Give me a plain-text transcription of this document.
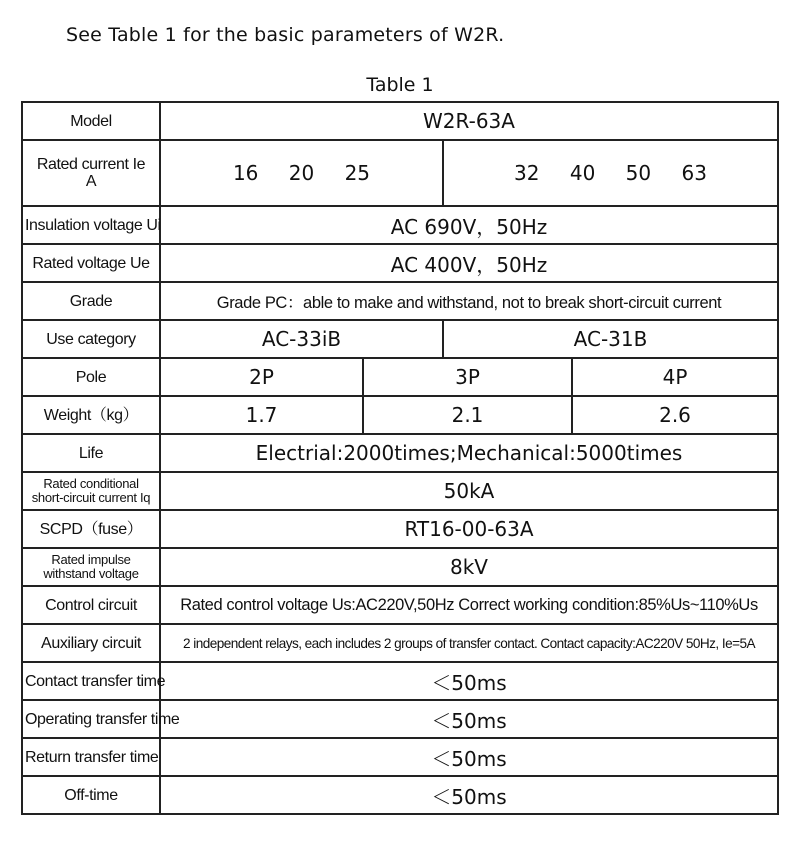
See Table 1 for the basic parameters of W2R.
Table 1
Model	W2R-63A			

Rated current Ie
A	16 20 25		32 40 50 63	
Insulation voltage Ui	AC 690V，50Hz			
Rated voltage Ue	AC 400V，50Hz			
Grade	Grade PC：able to make and withstand, not to break short-circuit current			
Use category	AC-33iB		AC-31B	
Pole	2P	3P		4P
Weight（kg）	1.7	2.1		2.6
Life	Electrial:2000times;Mechanical:5000times			

Rated conditional
short-circuit current Iq	50kA			
SCPD（fuse）	RT16-00-63A			

Rated impulse
withstand voltage	8kV			
Control circuit	Rated control voltage Us:AC220V,50Hz Correct working condition:85%Us~110%Us			
Auxiliary circuit	2 independent relays, each includes 2 groups of transfer contact. Contact capacity:AC220V 50Hz, Ie=5A			
Contact transfer time	＜50ms			
Operating transfer time	＜50ms			
Return transfer time	＜50ms			
Off-time	＜50ms			
